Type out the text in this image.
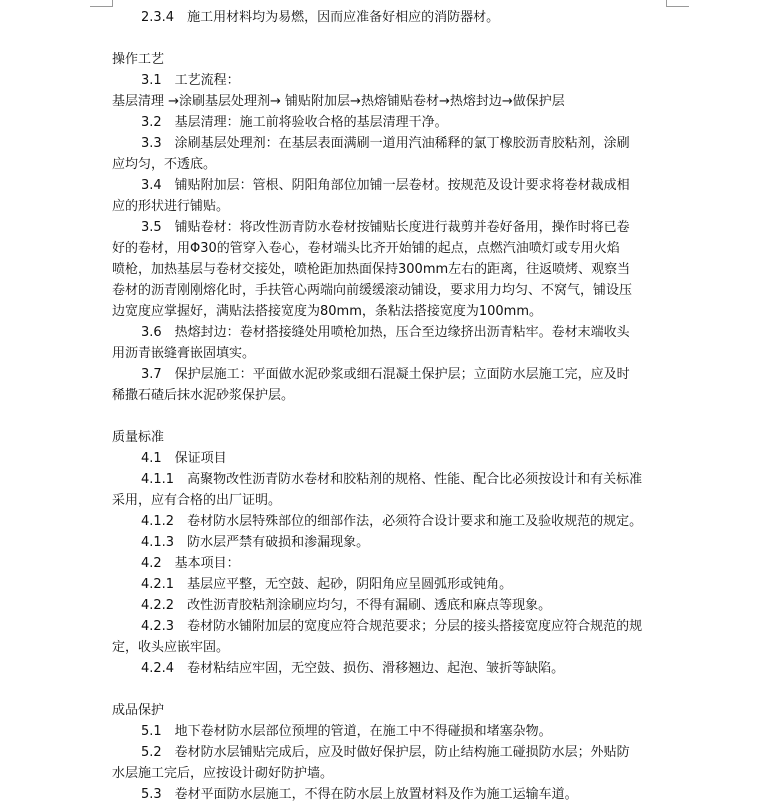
2.3.4　施工用材料均为易燃，因而应准备好相应的消防器材。
操作工艺
3.1　工艺流程：
基层清理 →涂刷基层处理剂→ 铺贴附加层→热熔铺贴卷材→热熔封边→做保护层
3.2　基层清理：施工前将验收合格的基层清理干净。
3.3　涂刷基层处理剂：在基层表面满刷一道用汽油稀释的氯丁橡胶沥青胶粘剂，涂刷
应均匀，不透底。
3.4　铺贴附加层：管根、阴阳角部位加铺一层卷材。按规范及设计要求将卷材裁成相
应的形状进行铺贴。
3.5　铺贴卷材：将改性沥青防水卷材按铺贴长度进行裁剪并卷好备用，操作时将已卷
好的卷材，用Φ30的管穿入卷心，卷材端头比齐开始铺的起点，点燃汽油喷灯或专用火焰
喷枪，加热基层与卷材交接处，喷枪距加热面保持300mm左右的距离，往返喷烤、观察当
卷材的沥青刚刚熔化时，手扶管心两端向前缓缓滚动铺设，要求用力均匀、不窝气，铺设压
边宽度应掌握好，满贴法搭接宽度为80mm，条粘法搭接宽度为100mm。
3.6　热熔封边：卷材搭接缝处用喷枪加热，压合至边缘挤出沥青粘牢。卷材末端收头
用沥青嵌缝膏嵌固填实。
3.7　保护层施工：平面做水泥砂浆或细石混凝土保护层；立面防水层施工完，应及时
稀撒石碴后抹水泥砂浆保护层。
质量标准
4.1　保证项目
4.1.1　高聚物改性沥青防水卷材和胶粘剂的规格、性能、配合比必须按设计和有关标准
采用，应有合格的出厂证明。
4.1.2　卷材防水层特殊部位的细部作法，必须符合设计要求和施工及验收规范的规定。
4.1.3　防水层严禁有破损和渗漏现象。
4.2　基本项目：
4.2.1　基层应平整，无空鼓、起砂，阴阳角应呈圆弧形或钝角。
4.2.2　改性沥青胶粘剂涂刷应均匀，不得有漏刷、透底和麻点等现象。
4.2.3　卷材防水铺附加层的宽度应符合规范要求；分层的接头搭接宽度应符合规范的规
定，收头应嵌牢固。
4.2.4　卷材粘结应牢固，无空鼓、损伤、滑移翘边、起泡、皱折等缺陷。
成品保护
5.1　地下卷材防水层部位预埋的管道，在施工中不得碰损和堵塞杂物。
5.2　卷材防水层铺贴完成后，应及时做好保护层，防止结构施工碰损防水层；外贴防
水层施工完后，应按设计砌好防护墙。
5.3　卷材平面防水层施工，不得在防水层上放置材料及作为施工运输车道。
